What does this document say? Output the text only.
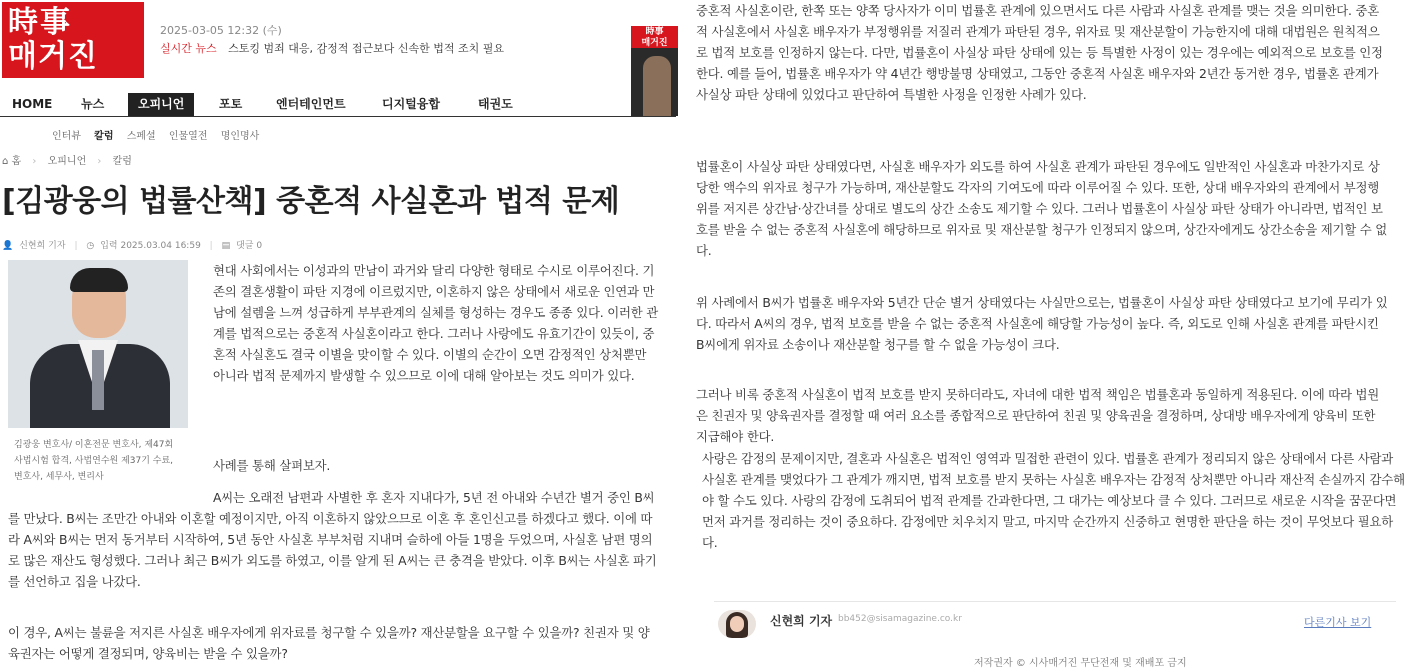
時事
매거진
2025-03-05 12:32 (수)
실시간 뉴스 스토킹 범죄 대응, 감정적 접근보다 신속한 법적 조치 필요
時事
매거진
HOME 뉴스	오피니언	포토	엔터테인먼트	디지털융합	태권도
인터뷰 칼럼 스페셜 인물열전 명인명사
⌂ 홈 › 오피니언 › 칼럼
[김광웅의 법률산책] 중혼적 사실혼과 법적 문제
👤 신현희 기자 | ◷ 입력 2025.03.04 16:59 | ▤ 댓글 0
김광웅 변호사/ 이혼전문 변호사, 제47회 사법시험 합격, 사법연수원 제37기 수료, 변호사, 세무사, 변리사

현대 사회에서는 이성과의 만남이 과거와 달리 다양한 형태로 수시로 이루어진다. 기존의 결혼생활이 파탄 지경에 이르렀지만, 이혼하지 않은 상태에서 새로운 인연과 만남에 설렘을 느껴 성급하게 부부관계의 실체를 형성하는 경우도 종종 있다. 이러한 관계를 법적으로는 중혼적 사실혼이라고 한다. 그러나 사랑에도 유효기간이 있듯이, 중혼적 사실혼도 결국 이별을 맞이할 수 있다. 이별의 순간이 오면 감정적인 상처뿐만 아니라 법적 문제까지 발생할 수 있으므로 이에 대해 알아보는 것도 의미가 있다.

사례를 통해 살펴보자.

A씨는 오래전 남편과 사별한 후 혼자 지내다가, 5년 전 아내와 수년간 별거 중인 B씨를 만났다. B씨는 조만간 아내와 이혼할 예정이지만, 아직 이혼하지 않았으므로 이혼 후 혼인신고를 하겠다고 했다. 이에 따라 A씨와 B씨는 먼저 동거부터 시작하여, 5년 동안 사실혼 부부처럼 지내며 슬하에 아들 1명을 두었으며, 사실혼 남편 명의로 많은 재산도 형성했다. 그러나 최근 B씨가 외도를 하였고, 이를 알게 된 A씨는 큰 충격을 받았다. 이후 B씨는 사실혼 파기를 선언하고 집을 나갔다.

이 경우, A씨는 불륜을 저지른 사실혼 배우자에게 위자료를 청구할 수 있을까? 재산분할을 요구할 수 있을까? 친권자 및 양육권자는 어떻게 결정되며, 양육비는 받을 수 있을까?

중혼적 사실혼이란, 한쪽 또는 양쪽 당사자가 이미 법률혼 관계에 있으면서도 다른 사람과 사실혼 관계를 맺는 것을 의미한다. 중혼적 사실혼에서 사실혼 배우자가 부정행위를 저질러 관계가 파탄된 경우, 위자료 및 재산분할이 가능한지에 대해 대법원은 원칙적으로 법적 보호를 인정하지 않는다. 다만, 법률혼이 사실상 파탄 상태에 있는 등 특별한 사정이 있는 경우에는 예외적으로 보호를 인정한다. 예를 들어, 법률혼 배우자가 약 4년간 행방불명 상태였고, 그동안 중혼적 사실혼 배우자와 2년간 동거한 경우, 법률혼 관계가 사실상 파탄 상태에 있었다고 판단하여 특별한 사정을 인정한 사례가 있다.

법률혼이 사실상 파탄 상태였다면, 사실혼 배우자가 외도를 하여 사실혼 관계가 파탄된 경우에도 일반적인 사실혼과 마찬가지로 상당한 액수의 위자료 청구가 가능하며, 재산분할도 각자의 기여도에 따라 이루어질 수 있다. 또한, 상대 배우자와의 관계에서 부정행위를 저지른 상간남·상간녀를 상대로 별도의 상간 소송도 제기할 수 있다. 그러나 법률혼이 사실상 파탄 상태가 아니라면, 법적인 보호를 받을 수 없는 중혼적 사실혼에 해당하므로 위자료 및 재산분할 청구가 인정되지 않으며, 상간자에게도 상간소송을 제기할 수 없다.

위 사례에서 B씨가 법률혼 배우자와 5년간 단순 별거 상태였다는 사실만으로는, 법률혼이 사실상 파탄 상태였다고 보기에 무리가 있다. 따라서 A씨의 경우, 법적 보호를 받을 수 없는 중혼적 사실혼에 해당할 가능성이 높다. 즉, 외도로 인해 사실혼 관계를 파탄시킨 B씨에게 위자료 소송이나 재산분할 청구를 할 수 없을 가능성이 크다.

그러나 비록 중혼적 사실혼이 법적 보호를 받지 못하더라도, 자녀에 대한 법적 책임은 법률혼과 동일하게 적용된다. 이에 따라 법원은 친권자 및 양육권자를 결정할 때 여러 요소를 종합적으로 판단하여 친권 및 양육권을 결정하며, 상대방 배우자에게 양육비 또한 지급해야 한다.

사랑은 감정의 문제이지만, 결혼과 사실혼은 법적인 영역과 밀접한 관련이 있다. 법률혼 관계가 정리되지 않은 상태에서 다른 사람과 사실혼 관계를 맺었다가 그 관계가 깨지면, 법적 보호를 받지 못하는 사실혼 배우자는 감정적 상처뿐만 아니라 재산적 손실까지 감수해야 할 수도 있다. 사랑의 감정에 도취되어 법적 관계를 간과한다면, 그 대가는 예상보다 클 수 있다. 그러므로 새로운 시작을 꿈꾼다면 먼저 과거를 정리하는 것이 중요하다. 감정에만 치우치지 말고, 마지막 순간까지 신중하고 현명한 판단을 하는 것이 무엇보다 필요하다.

신현희 기자 bb452@sisamagazine.co.kr	다른기사 보기
저작권자 © 시사매거진 무단전재 및 재배포 금지
